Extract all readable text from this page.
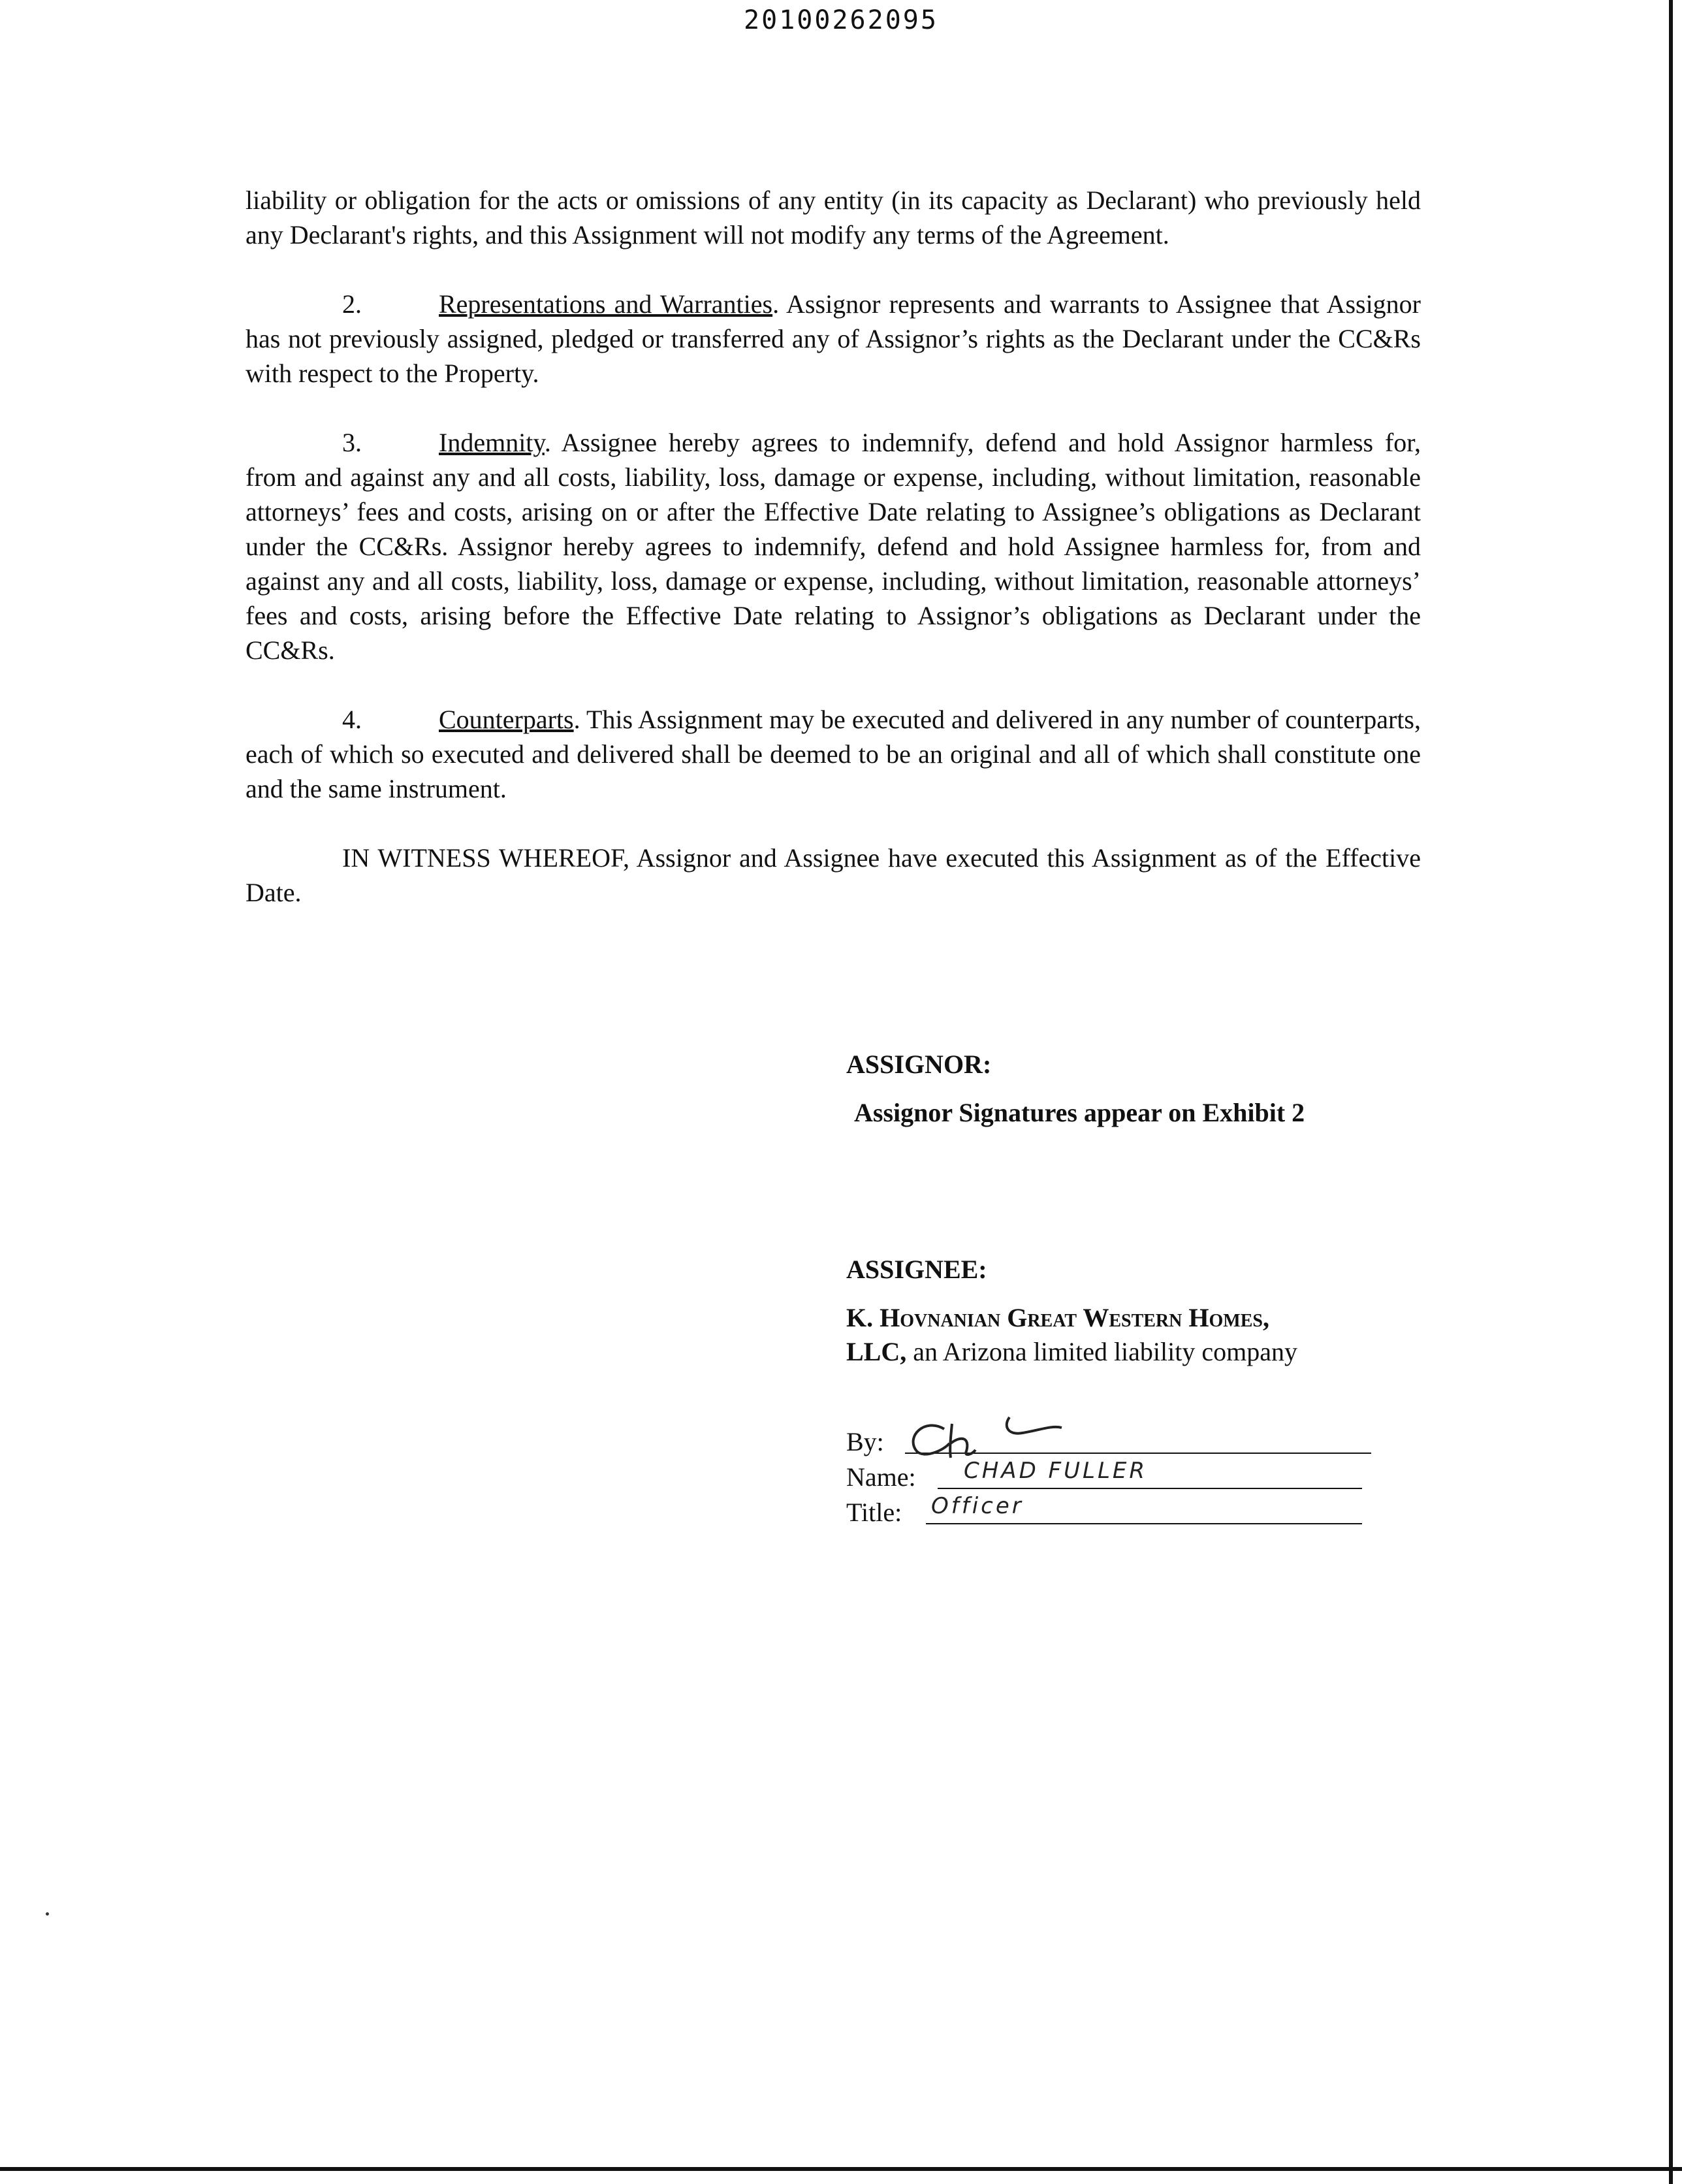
20100262095

liability or obligation for the acts or omissions of any entity (in its capacity as Declarant) who previously held any Declarant's rights, and this Assignment will not modify any terms of the Agreement.

2.	Representations and Warranties. Assignor represents and warrants to Assignee that Assignor has not previously assigned, pledged or transferred any of Assignor’s rights as the Declarant under the CC&Rs with respect to the Property.

3.	Indemnity. Assignee hereby agrees to indemnify, defend and hold Assignor harmless for, from and against any and all costs, liability, loss, damage or expense, including, without limitation, reasonable attorneys’ fees and costs, arising on or after the Effective Date relating to Assignee’s obligations as Declarant under the CC&Rs. Assignor hereby agrees to indemnify, defend and hold Assignee harmless for, from and against any and all costs, liability, loss, damage or expense, including, without limitation, reasonable attorneys’ fees and costs, arising before the Effective Date relating to Assignor’s obligations as Declarant under the CC&Rs.

4.	Counterparts. This Assignment may be executed and delivered in any number of counterparts, each of which so executed and delivered shall be deemed to be an original and all of which shall constitute one and the same instrument.

IN WITNESS WHEREOF, Assignor and Assignee have executed this Assignment as of the Effective Date.

ASSIGNOR:
Assignor Signatures appear on Exhibit 2
ASSIGNEE:
K. Hovnanian Great Western Homes,
LLC, an Arizona limited liability company
By:
Name: CHAD FULLER
Title: Officer
